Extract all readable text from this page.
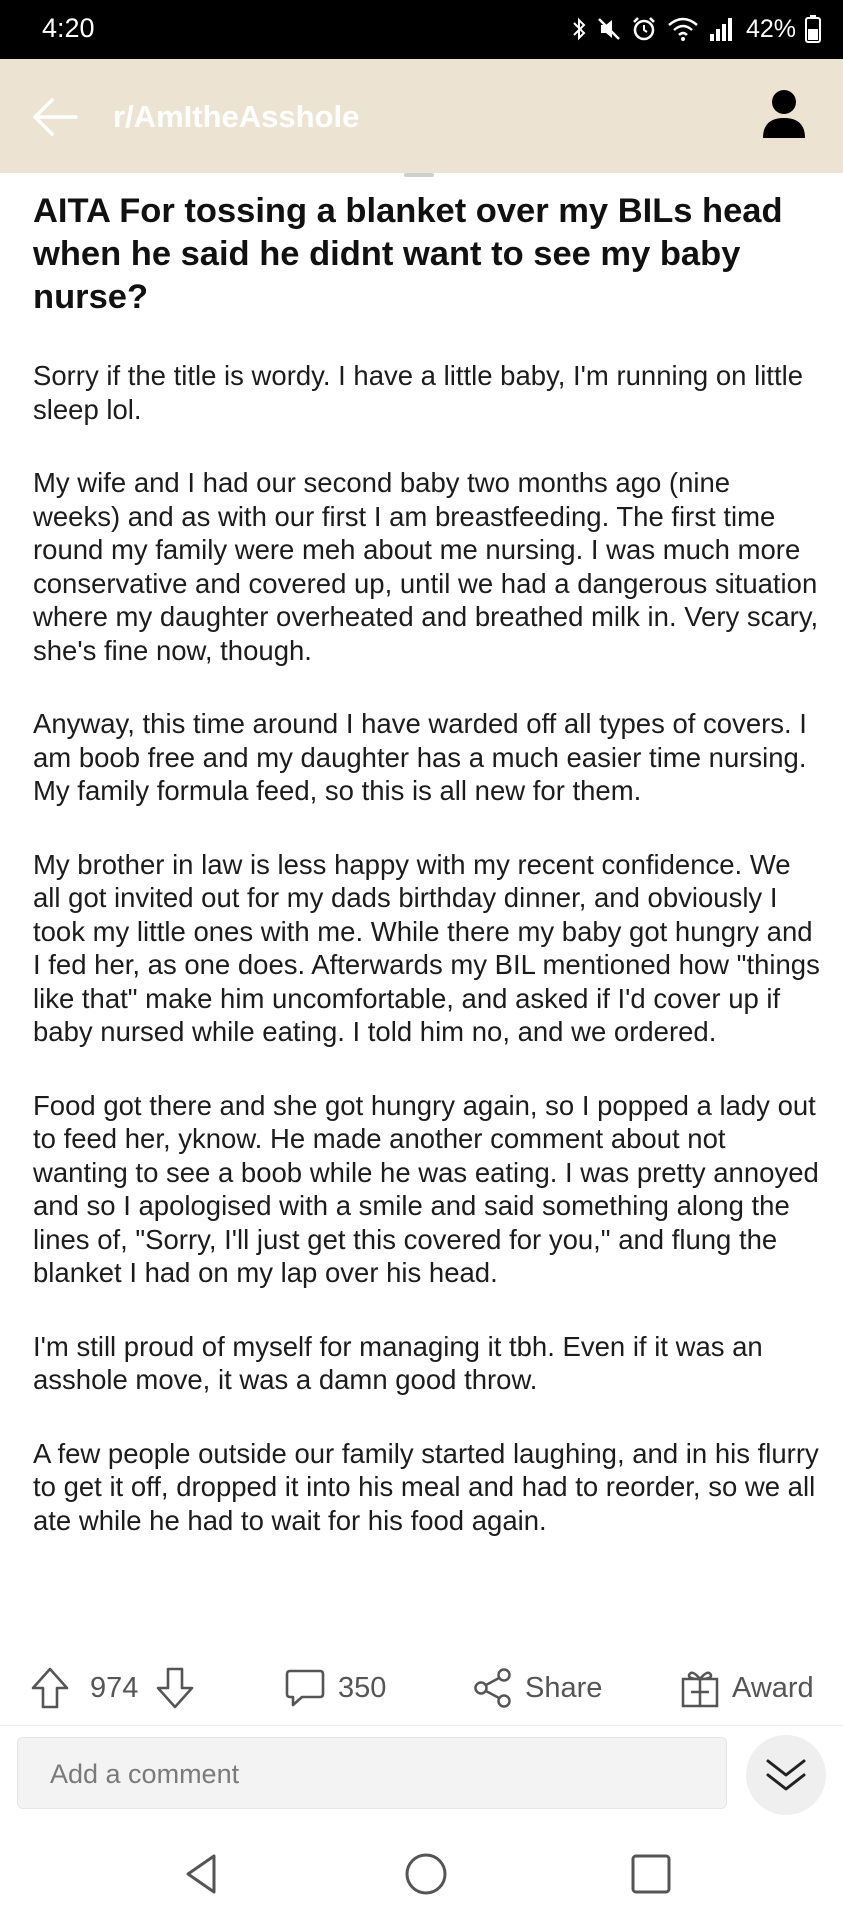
4:20	42%
r/AmItheAsshole
AITA For tossing a blanket over my BILs head when he said he didnt want to see my baby nurse?

Sorry if the title is wordy. I have a little baby, I'm running on little sleep lol.

My wife and I had our second baby two months ago (nine weeks) and as with our first I am breastfeeding. The first time round my family were meh about me nursing. I was much more conservative and covered up, until we had a dangerous situation where my daughter overheated and breathed milk in. Very scary, she's fine now, though.

Anyway, this time around I have warded off all types of covers. I am boob free and my daughter has a much easier time nursing. My family formula feed, so this is all new for them.

My brother in law is less happy with my recent confidence. We all got invited out for my dads birthday dinner, and obviously I took my little ones with me. While there my baby got hungry and I fed her, as one does. Afterwards my BIL mentioned how "things like that" make him uncomfortable, and asked if I'd cover up if baby nursed while eating. I told him no, and we ordered.

Food got there and she got hungry again, so I popped a lady out to feed her, yknow. He made another comment about not wanting to see a boob while he was eating. I was pretty annoyed and so I apologised with a smile and said something along the lines of, "Sorry, I'll just get this covered for you," and flung the blanket I had on my lap over his head.

I'm still proud of myself for managing it tbh. Even if it was an asshole move, it was a damn good throw.

A few people outside our family started laughing, and in his flurry to get it off, dropped it into his meal and had to reorder, so we all ate while he had to wait for his food again.

974	350	Share	Award
Add a comment
